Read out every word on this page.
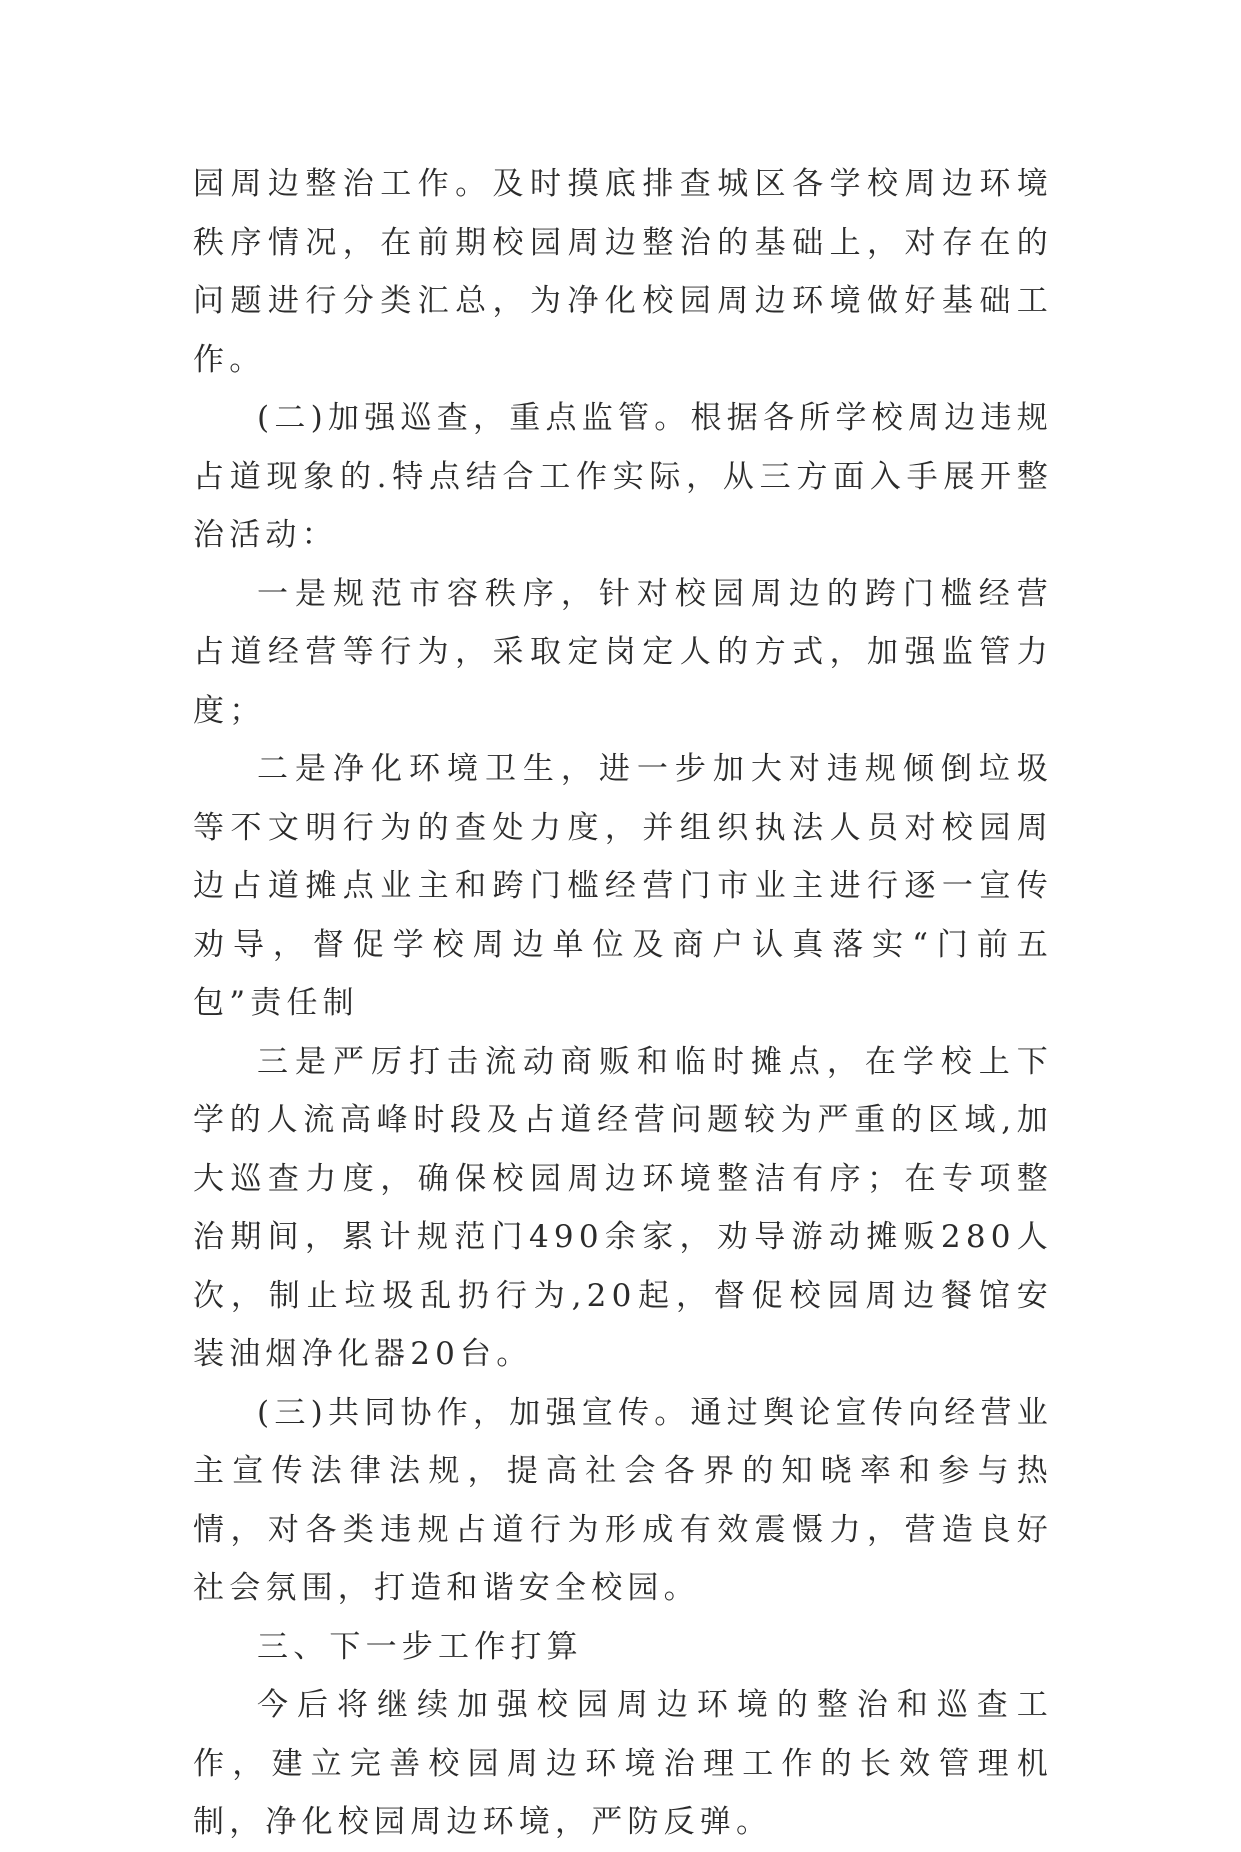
园周边整治工作。及时摸底排查城区各学校周边环境秩序情况，在前期校园周边整治的基础上，对存在的问题进行分类汇总，为净化校园周边环境做好基础工作。

(二)加强巡查，重点监管。根据各所学校周边违规占道现象的.特点结合工作实际，从三方面入手展开整治活动：

一是规范市容秩序，针对校园周边的跨门槛经营占道经营等行为，采取定岗定人的方式，加强监管力度；

二是净化环境卫生，进一步加大对违规倾倒垃圾等不文明行为的查处力度，并组织执法人员对校园周边占道摊点业主和跨门槛经营门市业主进行逐一宣传劝导，督促学校周边单位及商户认真落实“门前五包”责任制

三是严厉打击流动商贩和临时摊点，在学校上下学的人流高峰时段及占道经营问题较为严重的区域,加大巡查力度，确保校园周边环境整洁有序；在专项整治期间，累计规范门490余家，劝导游动摊贩280人次，制止垃圾乱扔行为,20起，督促校园周边餐馆安装油烟净化器20台。

(三)共同协作，加强宣传。通过舆论宣传向经营业主宣传法律法规，提高社会各界的知晓率和参与热情，对各类违规占道行为形成有效震慑力，营造良好社会氛围，打造和谐安全校园。

三、下一步工作打算

今后将继续加强校园周边环境的整治和巡查工作，建立完善校园周边环境治理工作的长效管理机制，净化校园周边环境，严防反弹。
